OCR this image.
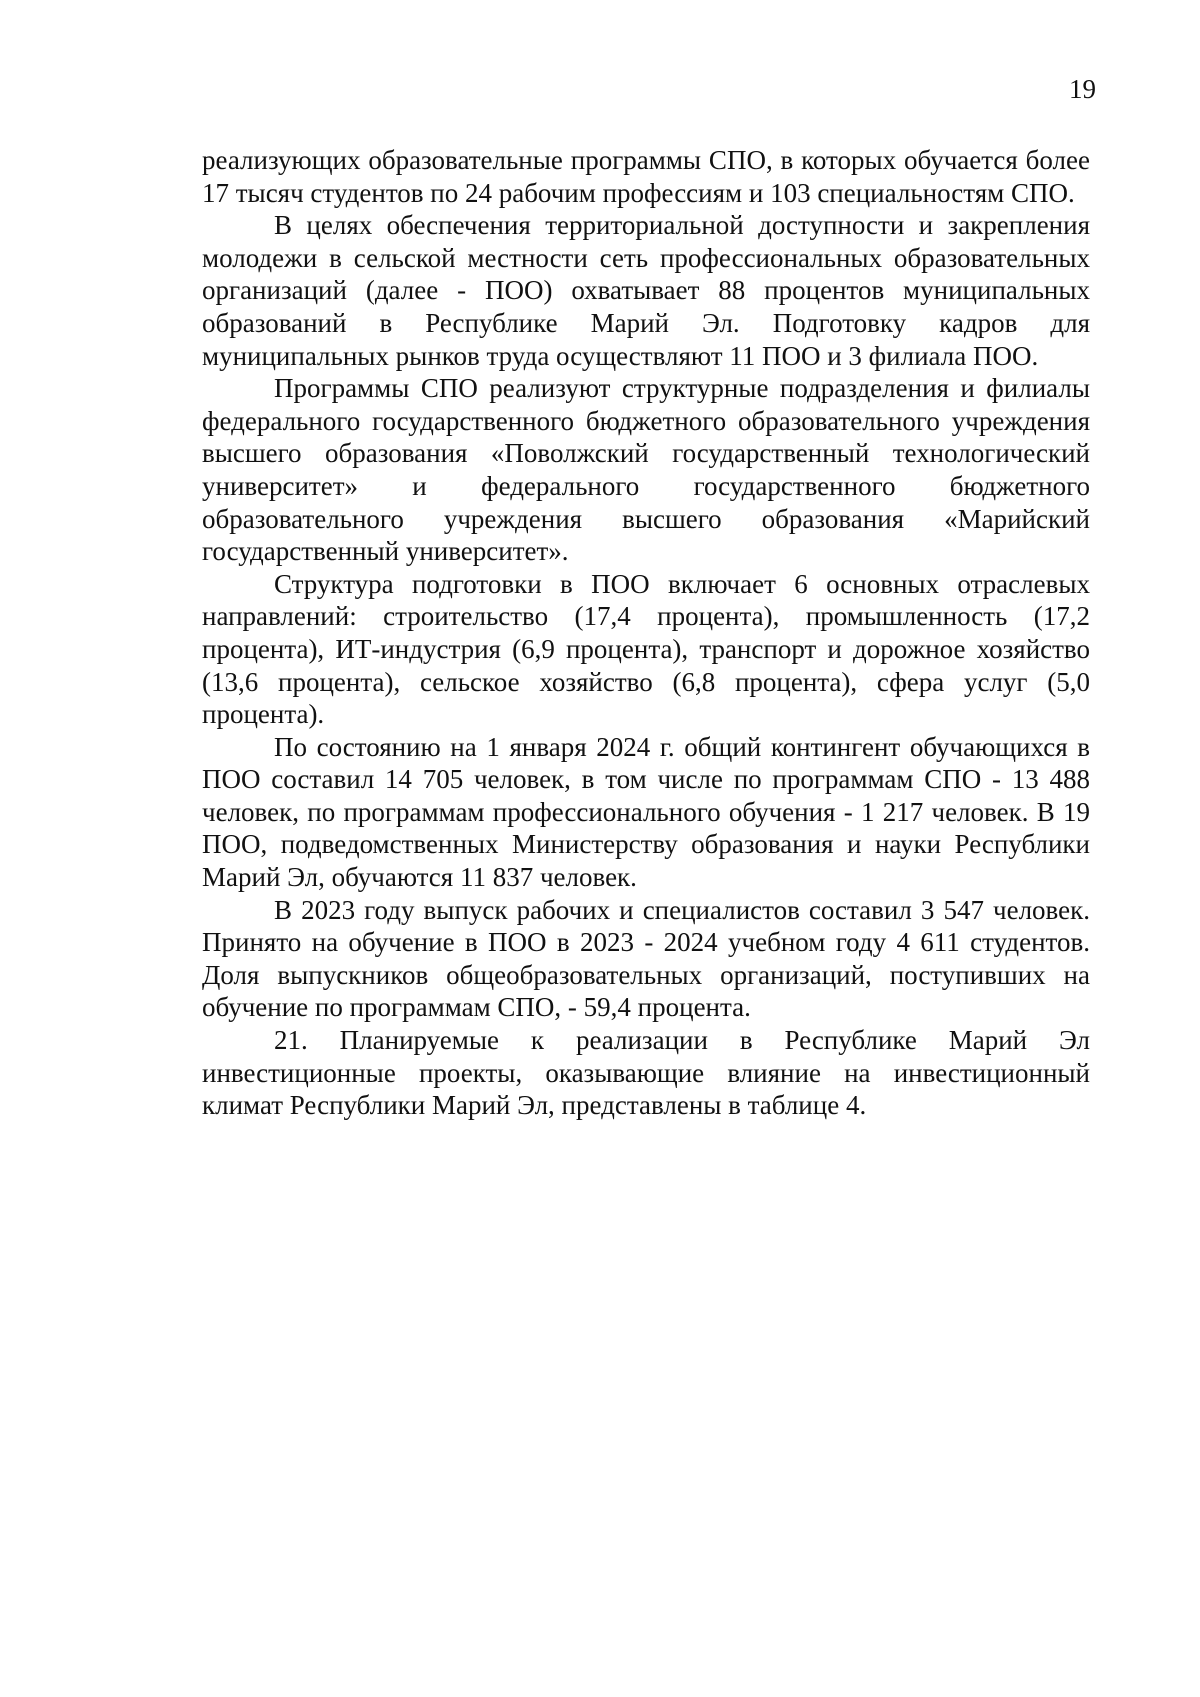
19

реализующих образовательные программы СПО, в которых обучается более 17 тысяч студентов по 24 рабочим профессиям и 103 специальностям СПО.

В целях обеспечения территориальной доступности и закрепления молодежи в сельской местности сеть профессиональных образовательных организаций (далее - ПОО) охватывает 88 процентов муниципальных образований в Республике Марий Эл. Подготовку кадров для муниципальных рынков труда осуществляют 11 ПОО и 3 филиала ПОО.

Программы СПО реализуют структурные подразделения и филиалы федерального государственного бюджетного образовательного учреждения высшего образования «Поволжский государственный технологический университет» и федерального государственного бюджетного образовательного учреждения высшего образования «Марийский государственный университет».

Структура подготовки в ПОО включает 6 основных отраслевых направлений: строительство (17,4 процента), промышленность (17,2 процента), ИТ-индустрия (6,9 процента), транспорт и дорожное хозяйство (13,6 процента), сельское хозяйство (6,8 процента), сфера услуг (5,0 процента).

По состоянию на 1 января 2024 г. общий контингент обучающихся в ПОО составил 14 705 человек, в том числе по программам СПО - 13 488 человек, по программам профессионального обучения - 1 217 человек. В 19 ПОО, подведомственных Министерству образования и науки Республики Марий Эл, обучаются 11 837 человек.

В 2023 году выпуск рабочих и специалистов составил 3 547 человек. Принято на обучение в ПОО в 2023 - 2024 учебном году 4 611 студентов. Доля выпускников общеобразовательных организаций, поступивших на обучение по программам СПО, - 59,4 процента.

21. Планируемые к реализации в Республике Марий Эл инвестиционные проекты, оказывающие влияние на инвестиционный климат Республики Марий Эл, представлены в таблице 4.
